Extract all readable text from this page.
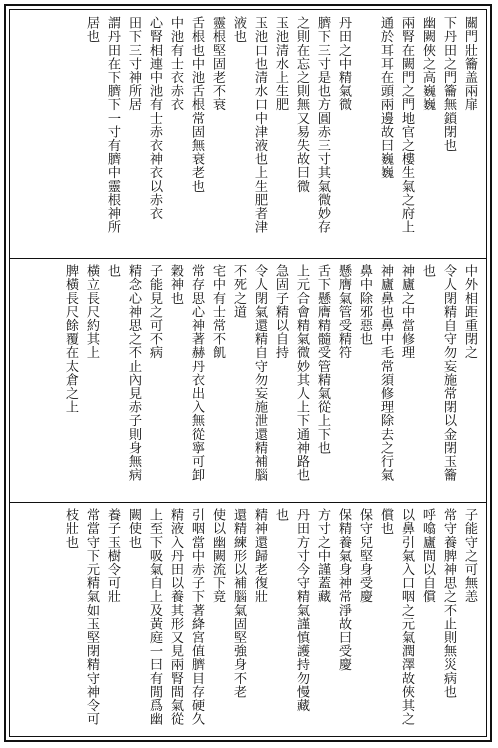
關門壯籥盖兩扉
下丹田之門籥無鎖閉也
幽闕俠之高巍巍
兩腎在闕門之門地官之樓生氣之府上
通於耳耳在頭兩邊故曰巍巍
丹田之中精氣微
臍下三寸是也方圓赤三寸其氣微妙存
之則在忘之則無又易失故曰微
玉池清水上生肥
玉池口也清水口中津液也上生肥者津
液也
靈根堅固老不衰
舌根也中池舌根常固無衰老也
中池有士衣赤衣
心腎相連中池有士赤衣神衣以赤衣
田下三寸神所居
謂丹田在下臍下一寸有臍中靈根神所
居也
中外相距重閉之
令人閉精自守勿妄施常閉以金閉玉籥
也
神廬之中當修理
神廬鼻也鼻中毛常須修理除去之行氣
鼻中除邪惡也
懸膺氣管受精符
舌下懸膺精髓受管精氣從上下也
上元合會精氣微妙其人上下通神路也
急固子精以自持
令人閉氣還精自守勿妄施泄還精補腦
不死之道
宅中有士常不飢
常存思心神著赫丹衣出入無從寧可卸
穀神也
子能見之可不病
精念心神思之不止內見赤子則身無病
也
橫立長尺約其上
脾橫長尺餘覆在太倉之上
子能守之可無恙
常守養脾神思之不止則無災病也
呼噏廬間以自償
以鼻引氣入口咽之元氣潤澤故俠其之
償也
保守兒堅身受慶
保精養氣身神常淨故曰受慶
方寸之中謹蓋藏
丹田方寸今守精氣謹慎護持勿慢藏
也
精神還歸老復壯
還精練形以補腦氣固堅強身不老
使以幽闕流下竟
引咽當中赤子下著絳宮值臍目存硬久
精液入丹田以養其形又見兩腎間氣從
上至下吸氣自上及黃庭一曰有閒爲幽
闕使也
養子玉樹令可壯
常當守下元精氣如玉堅閉精守神令可
枝壯也
